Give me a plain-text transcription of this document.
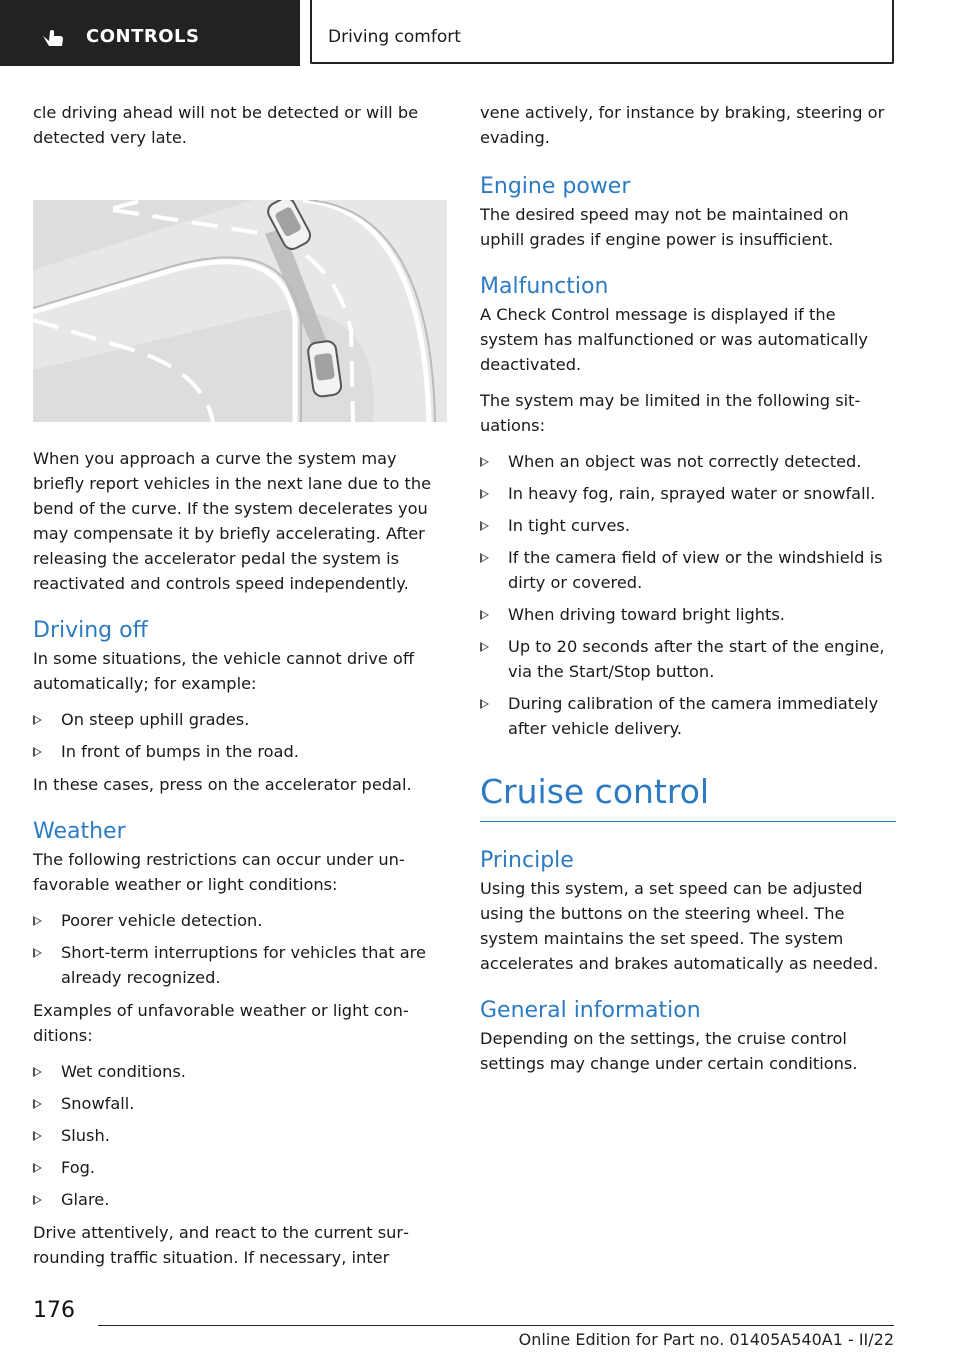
CONTROLS	Driving comfort

cle driving ahead will not be detected or will be detected very late.

When you approach a curve the system may briefly report vehicles in the next lane due to the bend of the curve. If the system decelerates you may compensate it by briefly accelerating. After releasing the accelerator pedal the system is reactivated and controls speed independently.

Driving off

In some situations, the vehicle cannot drive off automatically; for example:

On steep uphill grades.
In front of bumps in the road.

In these cases, press on the accelerator pedal.

Weather

The following restrictions can occur under unfavorable weather or light conditions:

Poorer vehicle detection.
Short-term interruptions for vehicles that are already recognized.

Examples of unfavorable weather or light conditions:

Wet conditions.
Snowfall.
Slush.
Fog.
Glare.

Drive attentively, and react to the current surrounding traffic situation. If necessary, inter

vene actively, for instance by braking, steering or evading.

Engine power

The desired speed may not be maintained on uphill grades if engine power is insufficient.

Malfunction

A Check Control message is displayed if the system has malfunctioned or was automatically deactivated.

The system may be limited in the following situations:

When an object was not correctly detected.
In heavy fog, rain, sprayed water or snowfall.
In tight curves.
If the camera field of view or the windshield is dirty or covered.
When driving toward bright lights.
Up to 20 seconds after the start of the engine, via the Start/Stop button.
During calibration of the camera immediately after vehicle delivery.
Cruise control
Principle

Using this system, a set speed can be adjusted using the buttons on the steering wheel. The system maintains the set speed. The system accelerates and brakes automatically as needed.

General information

Depending on the settings, the cruise control settings may change under certain conditions.

176
Online Edition for Part no. 01405A540A1 - II/22
